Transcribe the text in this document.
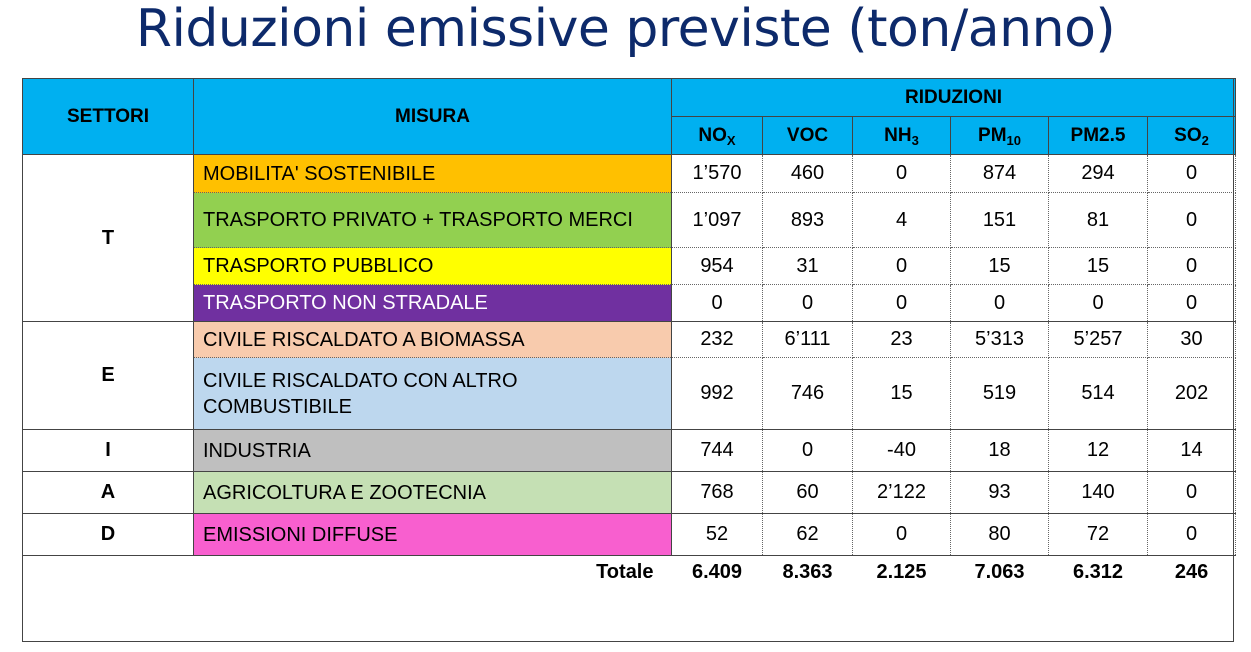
Riduzioni emissive previste (ton/anno)
SETTORI	MISURA	RIDUZIONI					
		$NO_X$	VOC	$NH_3$	$PM_{10}$	PM2.5	$SO_2$
T	MOBILITA' SOSTENIBILE	1’570	460	0	874	294	0
	TRASPORTO PRIVATO + TRASPORTO MERCI	1’097	893	4	151	81	0
	TRASPORTO PUBBLICO	954	31	0	15	15	0
	TRASPORTO NON STRADALE	0	0	0	0	0	0
E	CIVILE RISCALDATO A BIOMASSA	232	6’111	23	5’313	5’257	30
	CIVILE RISCALDATO CON ALTRO COMBUSTIBILE	992	746	15	519	514	202
I	INDUSTRIA	744	0	-40	18	12	14
A	AGRICOLTURA E ZOOTECNIA	768	60	2’122	93	140	0
D	EMISSIONI DIFFUSE	52	62	0	80	72	0
	Totale	6.409	8.363	2.125	7.063	6.312	246
